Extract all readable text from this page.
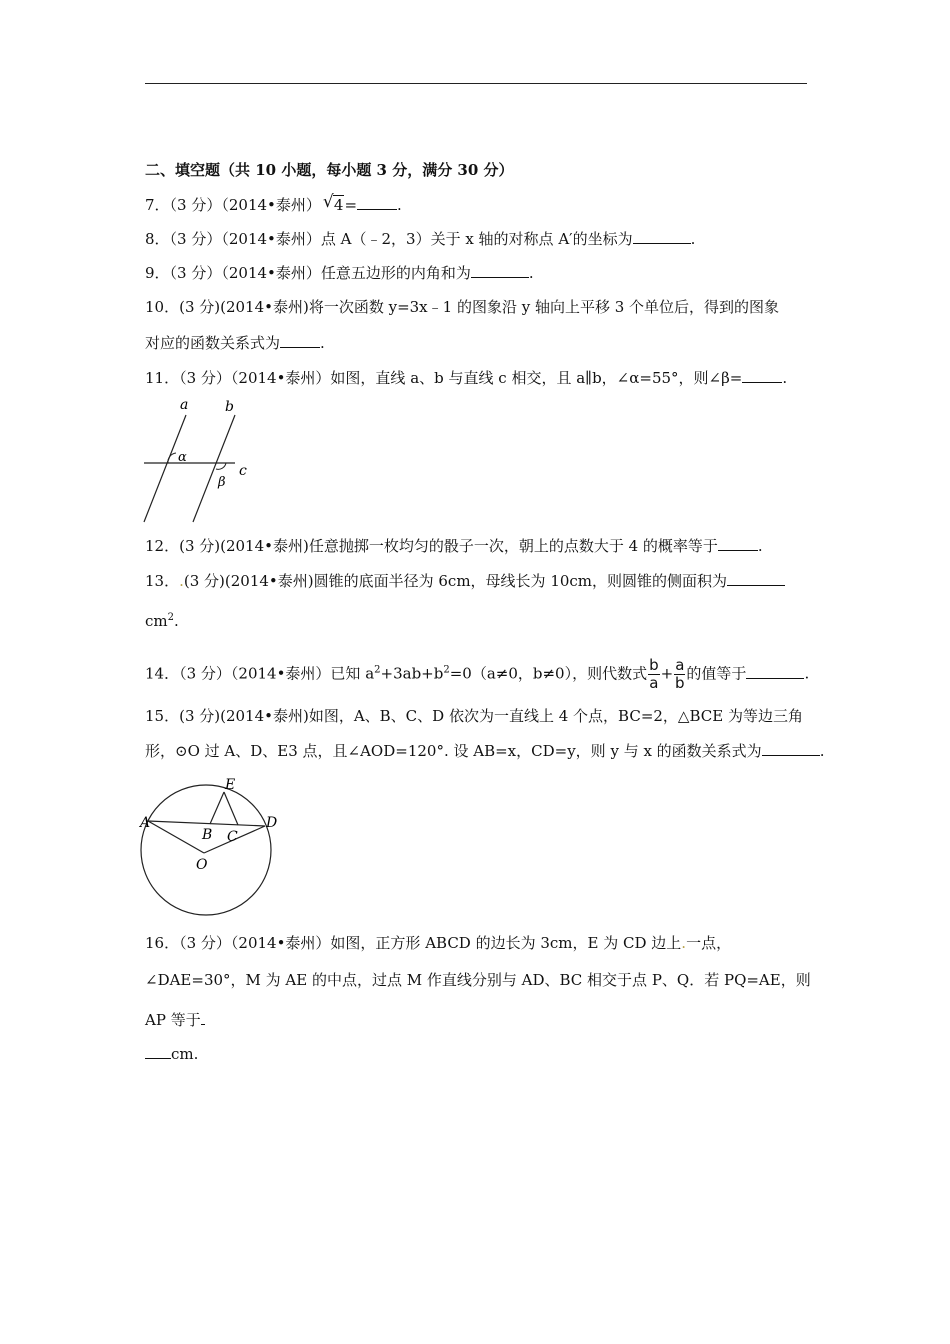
二、填空题（共 10 小题，每小题 3 分，满分 30 分）
7．（3 分）（2014•泰州） √ 4=	.
8．（3 分）（2014•泰州）点 A（﹣2，3）关于 x 轴的对称点 A′的坐标为	.
9．（3 分）（2014•泰州）任意五边形的内角和为	.
10．(3 分)(2014•泰州)将一次函数 y=3x﹣1 的图象沿 y 轴向上平移 3 个单位后，得到的图象
对应的函数关系式为	.
11．（3 分）（2014•泰州）如图，直线 a、b 与直线 c 相交，且 a∥b，∠α=55°，则∠β=	.
a	b
c
α
β
12．(3 分)(2014•泰州)任意抛掷一枚均匀的骰子一次，朝上的点数大于 4 的概率等于	.
13．.(3 分)(2014•泰州)圆锥的底面半径为 6cm，母线长为 10cm，则圆锥的侧面积为
$cm^2$.
14．（3 分）（2014•泰州）已知 $a^2+3ab+b^2=0(a\ne 0$，b≠0），则代数式 $\frac{b}{a} + \frac{a}{b}$ 的值等于	.
15．(3 分)(2014•泰州)如图，A、B、C、D 依次为一直线上 4 个点，BC=2，△BCE 为等边三角
形，⊙O 过 A、D、E3 点，且∠AOD=120°. 设 AB=x，CD=y，则 y 与 x 的函数关系式为	.
A
B C
D
E
O
16．（3 分）（2014•泰州）如图，正方形 ABCD 的边长为 3cm，E 为 CD 边上.一点，
∠DAE=30°，M 为 AE 的中点，过点 M 作直线分别与 AD、BC 相交于点 P、Q．若 PQ=AE，则
AP 等于
cm.
